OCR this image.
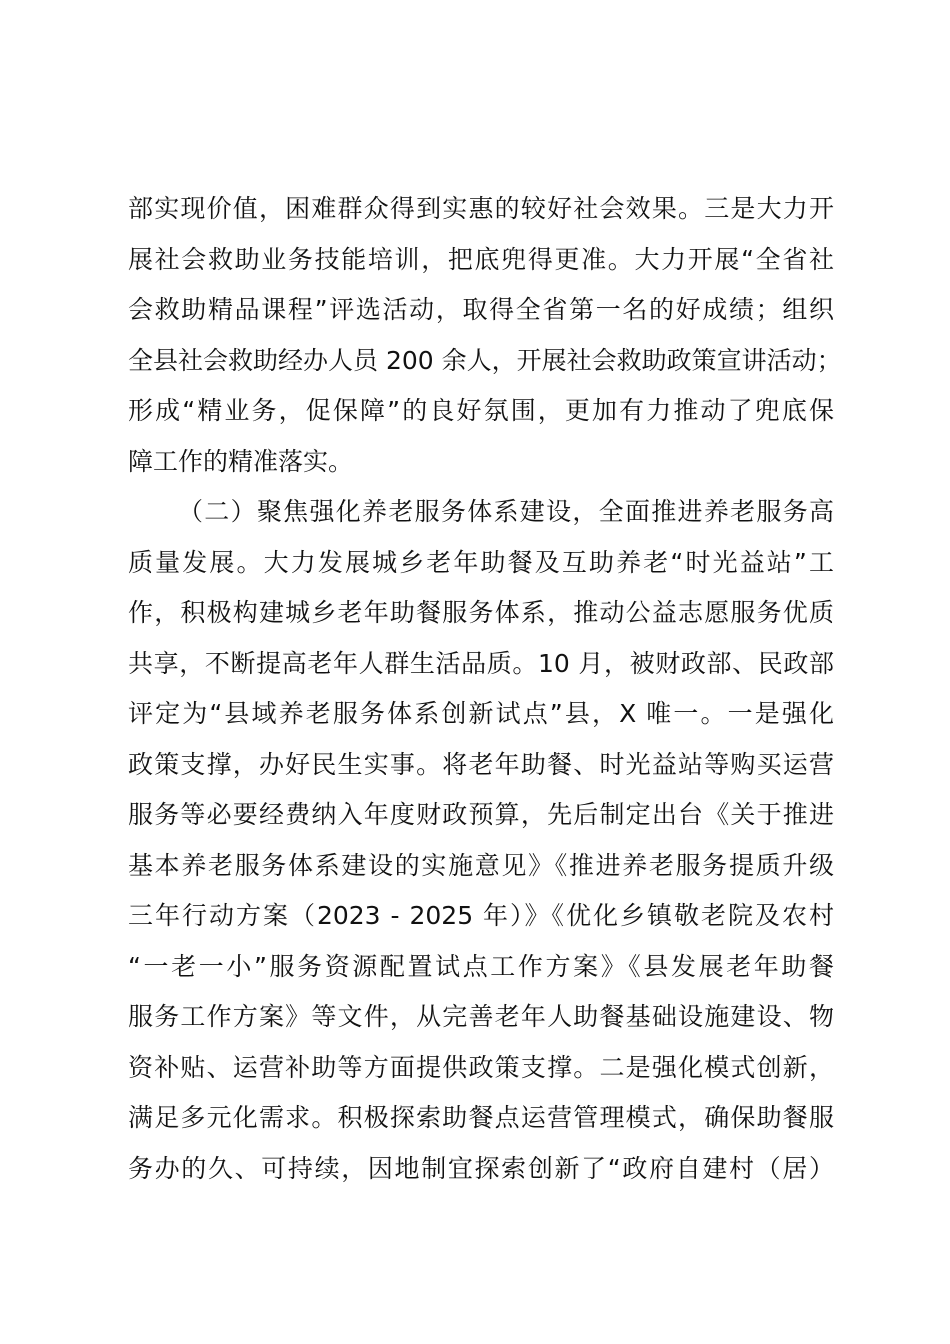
部实现价值，困难群众得到实惠的较好社会效果。三是大力开
展社会救助业务技能培训，把底兜得更准。大力开展“全省社
会救助精品课程”评选活动，取得全省第一名的好成绩；组织
全县社会救助经办人员 200 余人，开展社会救助政策宣讲活动；
形成“精业务，促保障”的良好氛围，更加有力推动了兜底保
障工作的精准落实。
（二）聚焦强化养老服务体系建设，全面推进养老服务高
质量发展。大力发展城乡老年助餐及互助养老“时光益站”工
作，积极构建城乡老年助餐服务体系，推动公益志愿服务优质
共享，不断提高老年人群生活品质。10 月，被财政部、民政部
评定为“县域养老服务体系创新试点”县，X 唯一。一是强化
政策支撑，办好民生实事。将老年助餐、时光益站等购买运营
服务等必要经费纳入年度财政预算，先后制定出台《关于推进
基本养老服务体系建设的实施意见》《推进养老服务提质升级
三年行动方案（2023 - 2025 年）》《优化乡镇敬老院及农村
“一老一小”服务资源配置试点工作方案》《县发展老年助餐
服务工作方案》等文件，从完善老年人助餐基础设施建设、物
资补贴、运营补助等方面提供政策支撑。二是强化模式创新，
满足多元化需求。积极探索助餐点运营管理模式，确保助餐服
务办的久、可持续，因地制宜探索创新了“政府自建村（居）
